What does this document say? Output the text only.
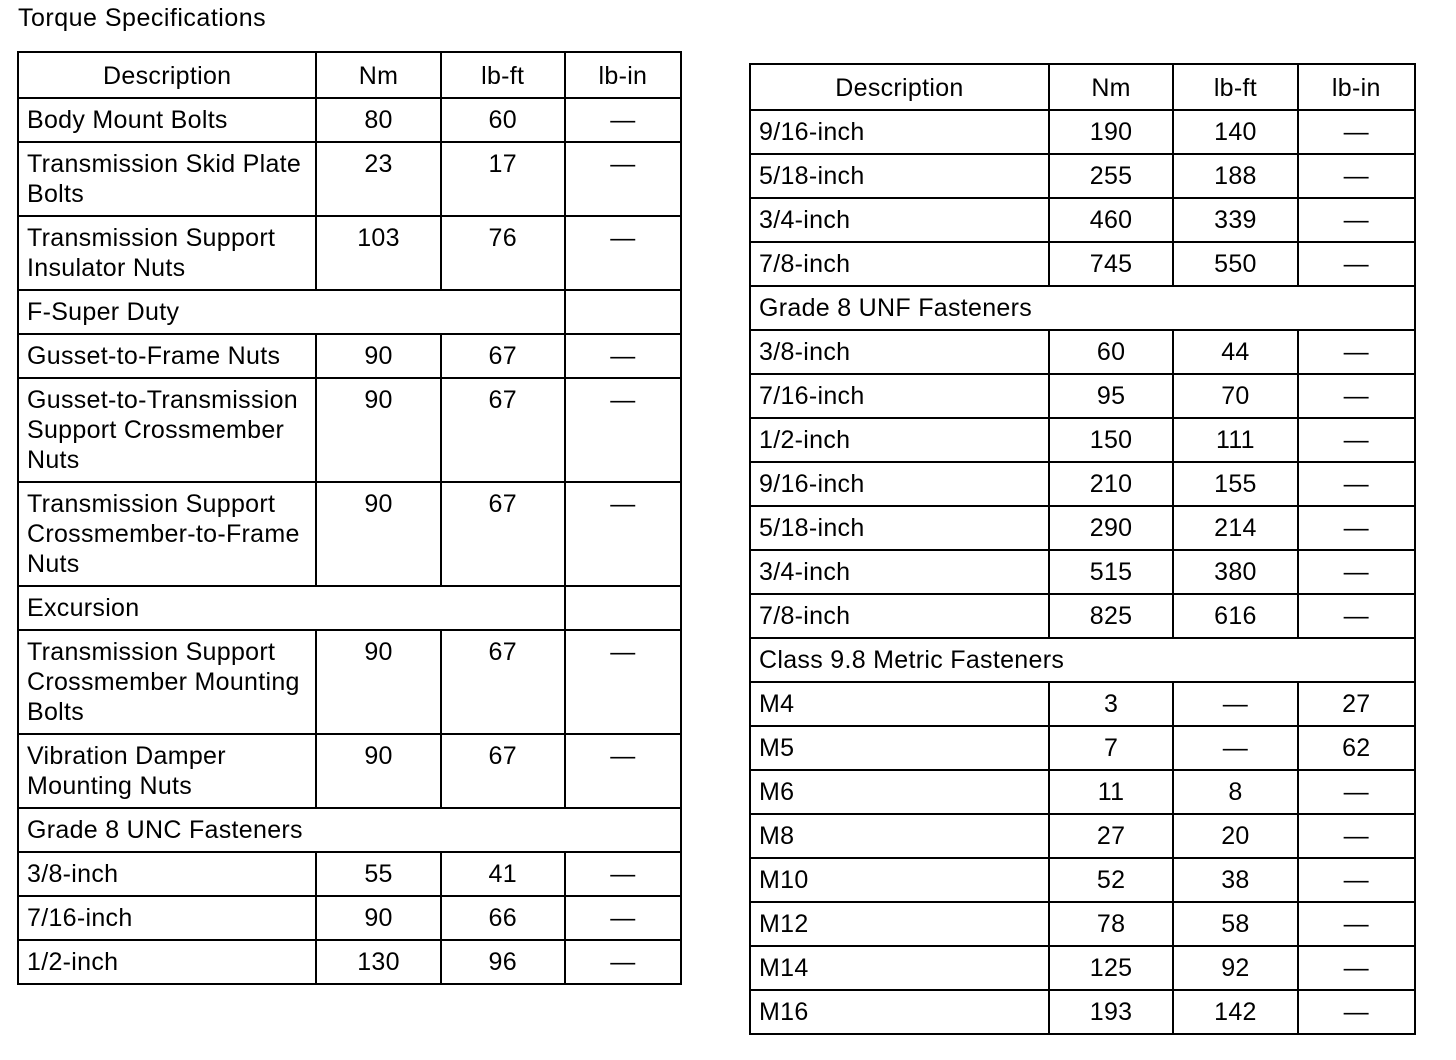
Torque Specifications
Description	Nm	lb-ft	lb-in
Body Mount Bolts	80	60	—
Transmission Skid Plate Bolts	23	17	—
Transmission Support Insulator Nuts	103	76	—
F-Super Duty			
Gusset-to-Frame Nuts	90	67	—
Gusset-to-Transmission Support Crossmember Nuts	90	67	—
Transmission Support Crossmember-to-Frame Nuts	90	67	—
Excursion			
Transmission Support Crossmember Mounting Bolts	90	67	—
Vibration Damper Mounting Nuts	90	67	—
Grade 8 UNC Fasteners			
3/8-inch	55	41	—
7/16-inch	90	66	—
1/2-inch	130	96	—
Description	Nm	lb-ft	lb-in
9/16-inch	190	140	—
5/18-inch	255	188	—
3/4-inch	460	339	—
7/8-inch	745	550	—
Grade 8 UNF Fasteners			
3/8-inch	60	44	—
7/16-inch	95	70	—
1/2-inch	150	111	—
9/16-inch	210	155	—
5/18-inch	290	214	—
3/4-inch	515	380	—
7/8-inch	825	616	—
Class 9.8 Metric Fasteners			
M4	3	—	27
M5	7	—	62
M6	11	8	—
M8	27	20	—
M10	52	38	—
M12	78	58	—
M14	125	92	—
M16	193	142	—
